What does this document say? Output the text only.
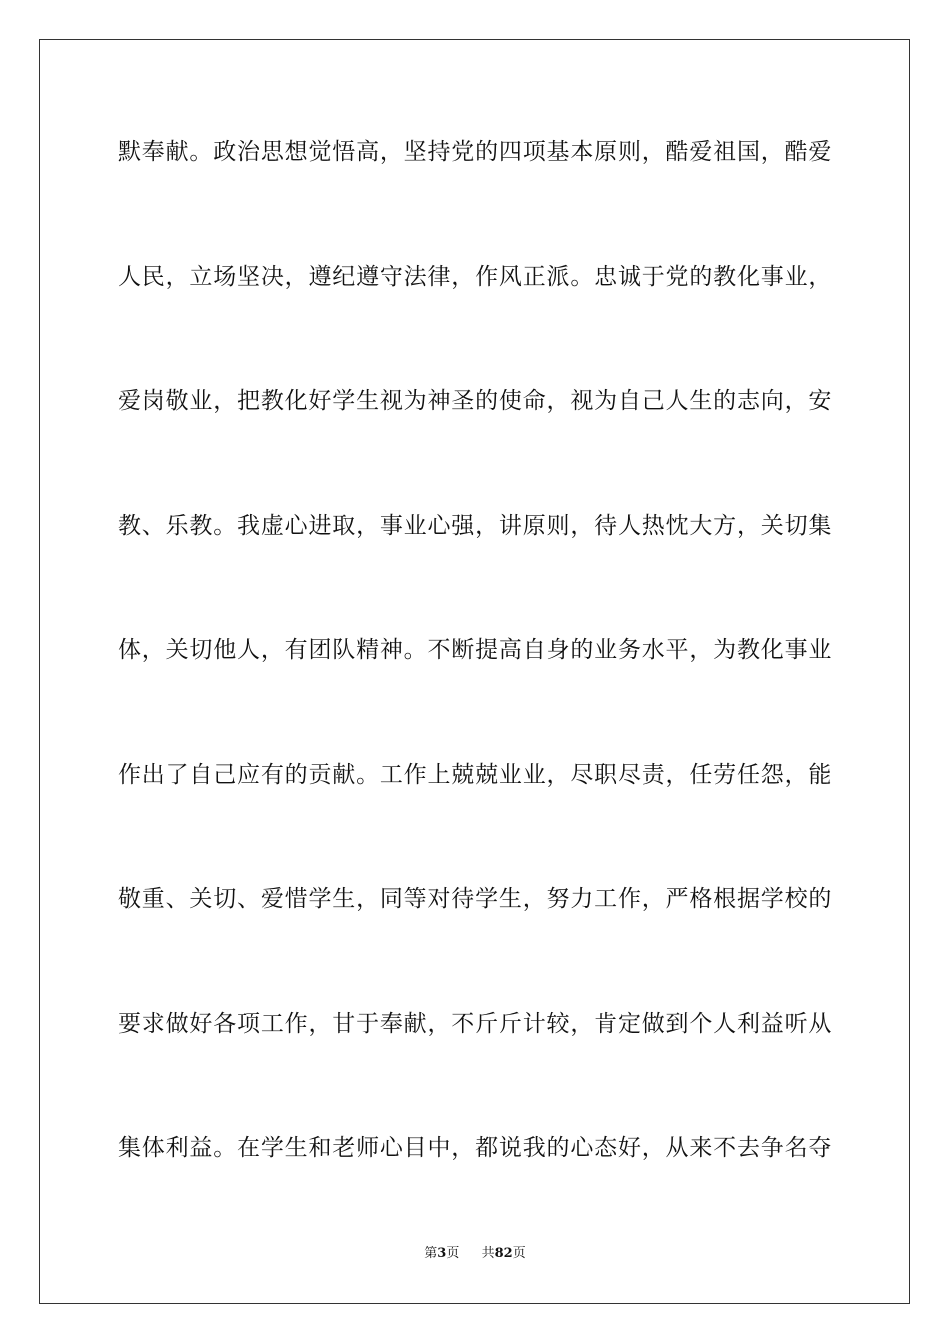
默奉献。政治思想觉悟高，坚持党的四项基本原则，酷爱祖国，酷爱
人民，立场坚决，遵纪遵守法律，作风正派。忠诚于党的教化事业，
爱岗敬业，把教化好学生视为神圣的使命，视为自己人生的志向，安
教、乐教。我虚心进取，事业心强，讲原则，待人热忱大方，关切集
体，关切他人，有团队精神。不断提高自身的业务水平，为教化事业
作出了自己应有的贡献。工作上兢兢业业，尽职尽责，任劳任怨，能
敬重、关切、爱惜学生，同等对待学生，努力工作，严格根据学校的
要求做好各项工作，甘于奉献，不斤斤计较，肯定做到个人利益听从
集体利益。在学生和老师心目中，都说我的心态好，从来不去争名夺
第3页 共82页
